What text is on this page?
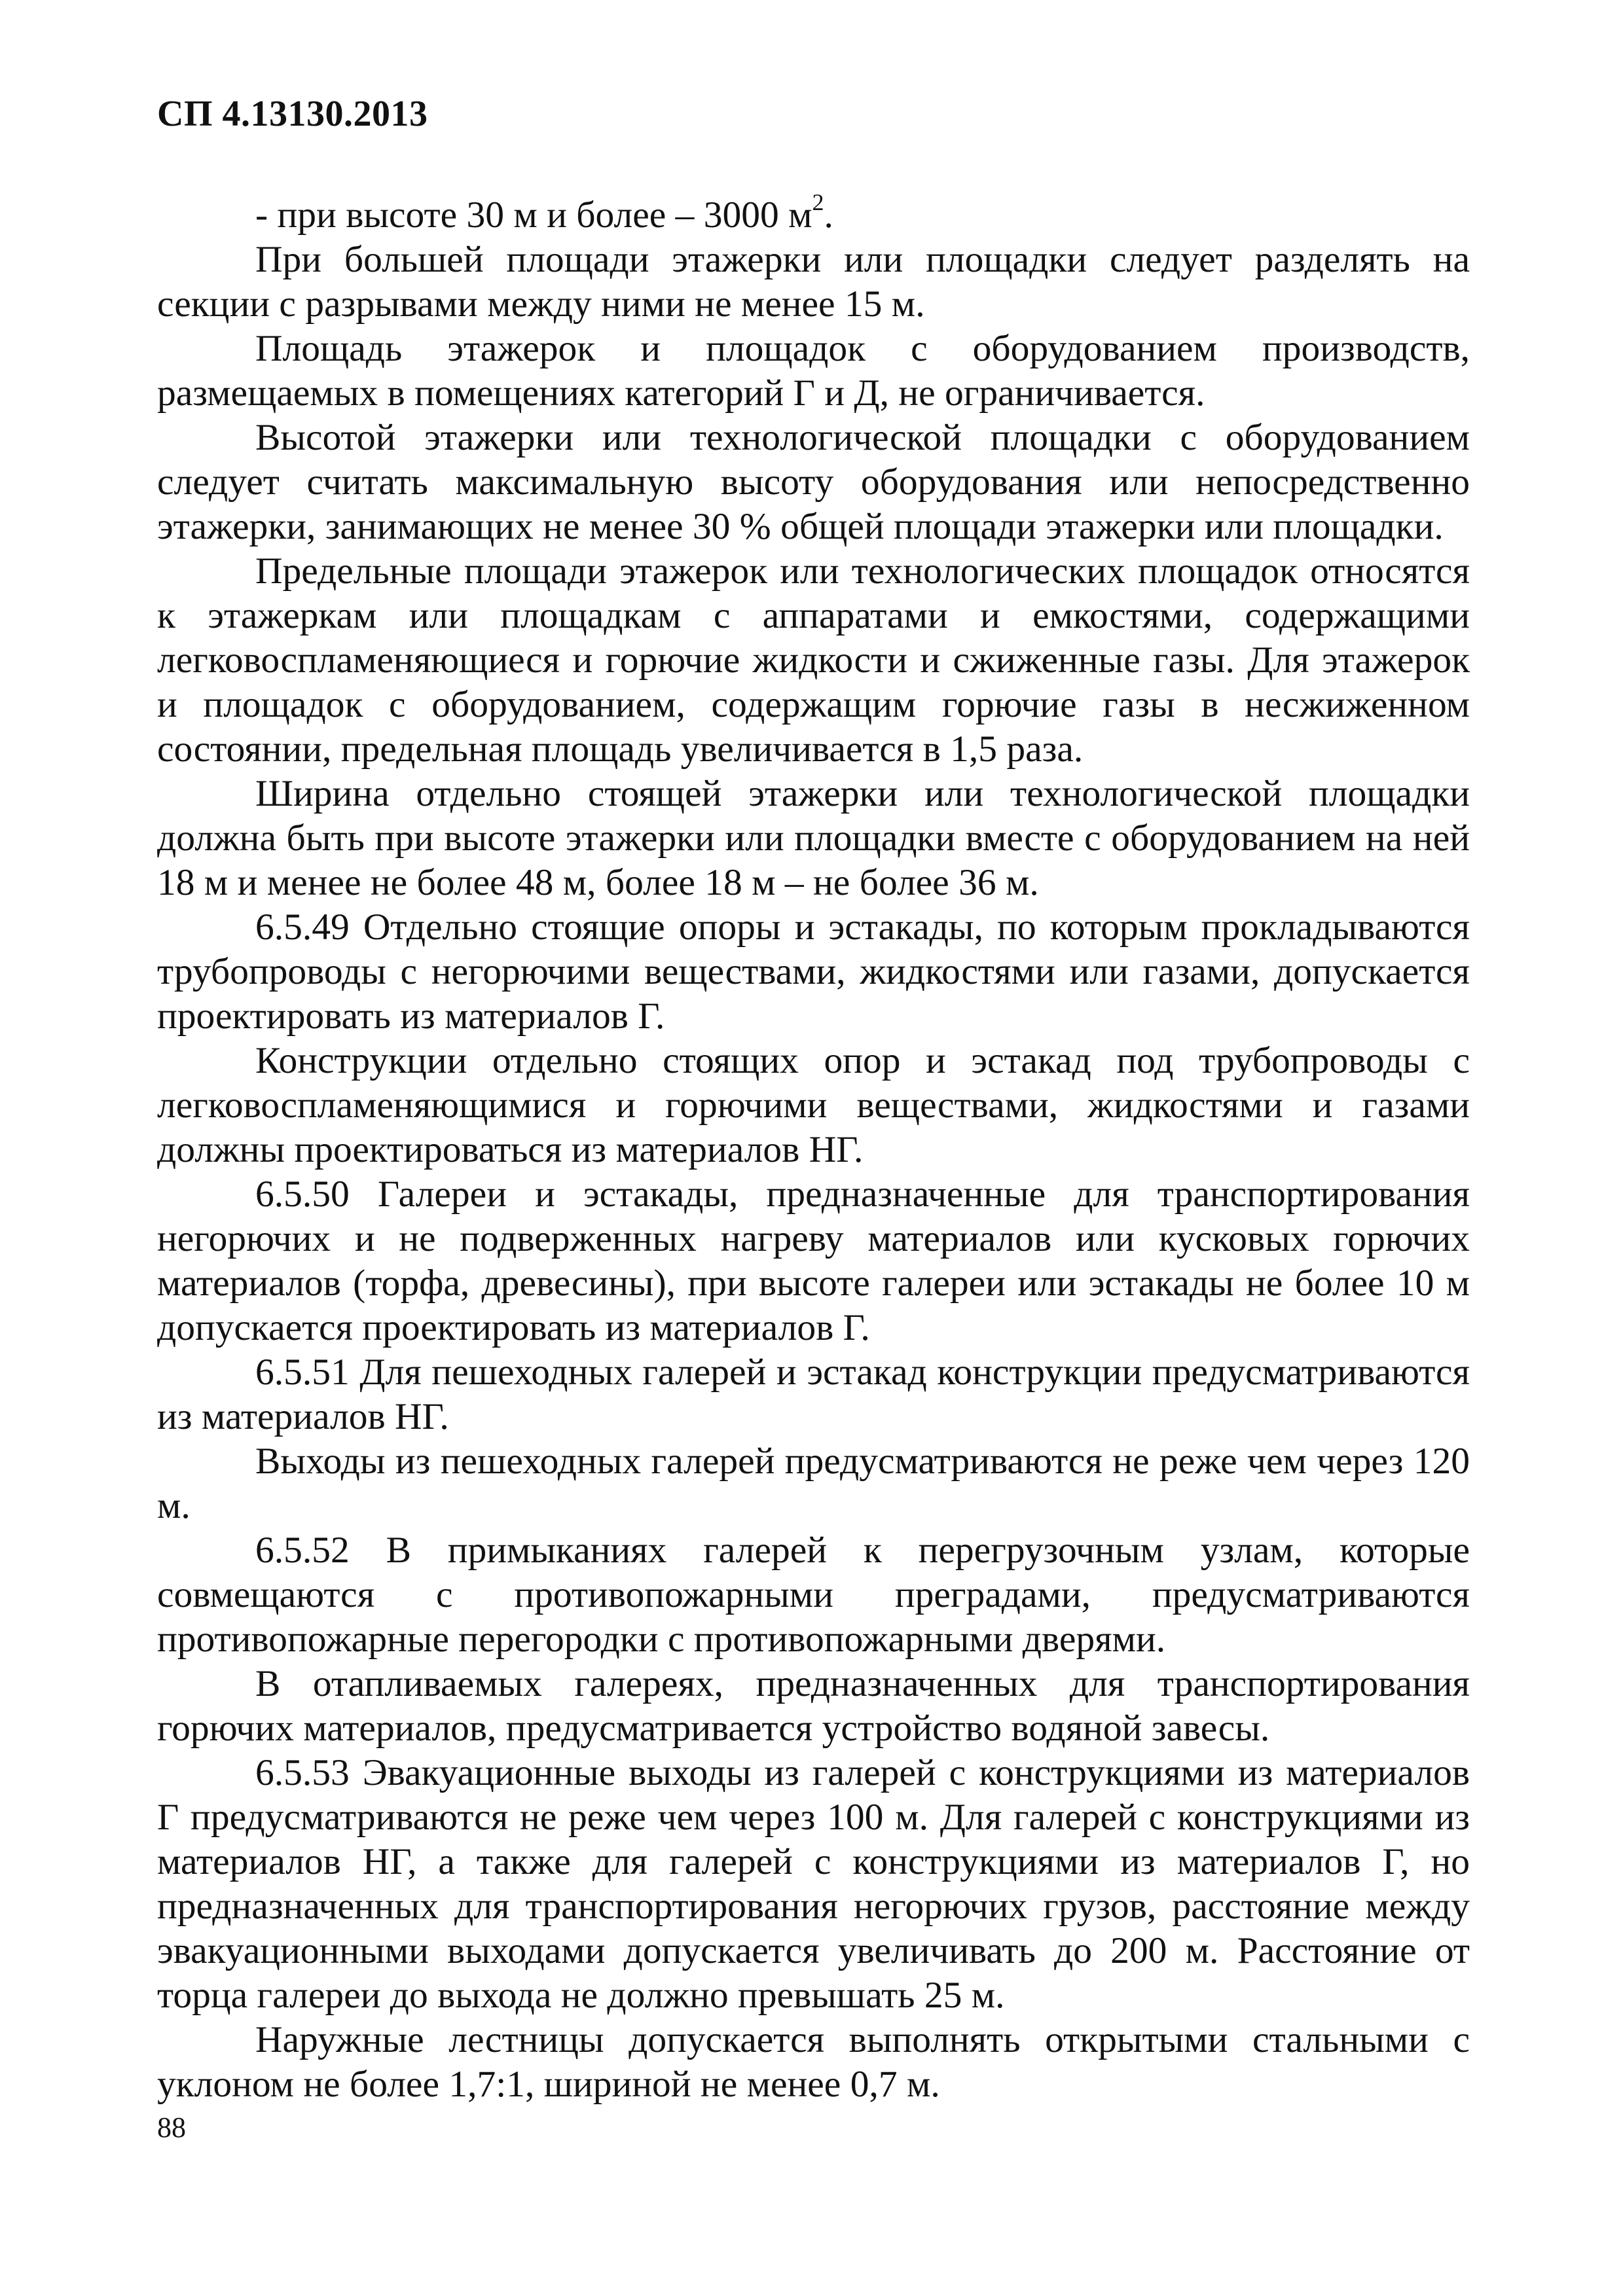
СП 4.13130.2013

- при высоте 30 м и более – 3000 $м^2$.

При большей площади этажерки или площадки следует разделять на секции с разрывами между ними не менее 15 м.

Площадь этажерок и площадок с оборудованием производств, размещаемых в помещениях категорий Г и Д, не ограничивается.

Высотой этажерки или технологической площадки с оборудованием следует считать максимальную высоту оборудования или непосредственно этажерки, занимающих не менее 30 % общей площади этажерки или площадки.

Предельные площади этажерок или технологических площадок относятся к этажеркам или площадкам с аппаратами и емкостями, содержащими легковоспламеняющиеся и горючие жидкости и сжиженные газы. Для этажерок и площадок с оборудованием, содержащим горючие газы в несжиженном состоянии, предельная площадь увеличивается в 1,5 раза.

Ширина отдельно стоящей этажерки или технологической площадки должна быть при высоте этажерки или площадки вместе с оборудованием на ней 18 м и менее не более 48 м, более 18 м – не более 36 м.

6.5.49 Отдельно стоящие опоры и эстакады, по которым прокладываются трубопроводы с негорючими веществами, жидкостями или газами, допускается проектировать из материалов Г.

Конструкции отдельно стоящих опор и эстакад под трубопроводы с легковоспламеняющимися и горючими веществами, жидкостями и газами должны проектироваться из материалов НГ.

6.5.50 Галереи и эстакады, предназначенные для транспортирования негорючих и не подверженных нагреву материалов или кусковых горючих материалов (торфа, древесины), при высоте галереи или эстакады не более 10 м допускается проектировать из материалов Г.

6.5.51 Для пешеходных галерей и эстакад конструкции предусматриваются из материалов НГ.

Выходы из пешеходных галерей предусматриваются не реже чем через 120 м.

6.5.52 В примыканиях галерей к перегрузочным узлам, которые совмещаются с противопожарными преградами, предусматриваются противопожарные перегородки с противопожарными дверями.

В отапливаемых галереях, предназначенных для транспортирования горючих материалов, предусматривается устройство водяной завесы.

6.5.53 Эвакуационные выходы из галерей с конструкциями из материалов Г предусматриваются не реже чем через 100 м. Для галерей с конструкциями из материалов НГ, а также для галерей с конструкциями из материалов Г, но предназначенных для транспортирования негорючих грузов, расстояние между эвакуационными выходами допускается увеличивать до 200 м. Расстояние от торца галереи до выхода не должно превышать 25 м.

Наружные лестницы допускается выполнять открытыми стальными с уклоном не более 1,7:1, шириной не менее 0,7 м.

88
